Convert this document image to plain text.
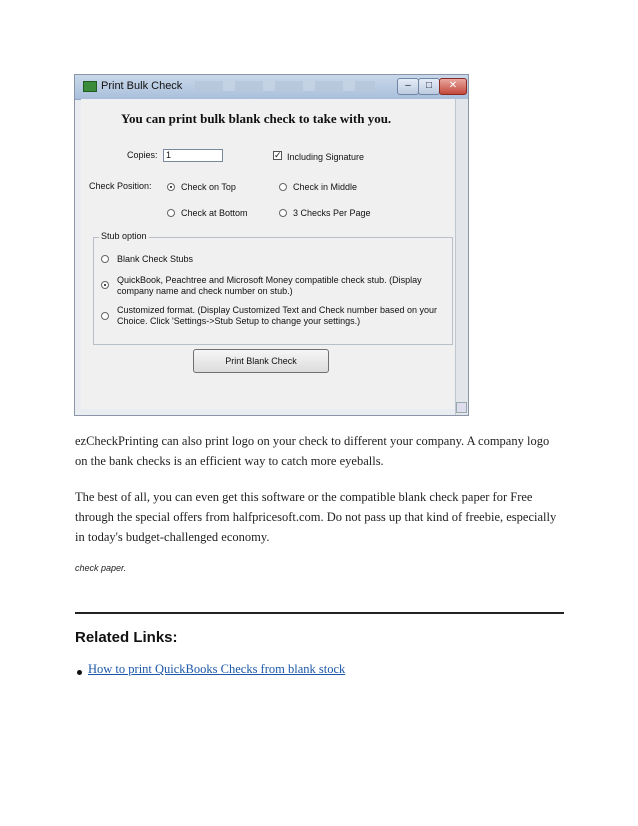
Print Bulk Check	–	□	✕
You can print bulk blank check to take with you.
Copies: 1	✓ Including Signature
Check Position:	Check on Top	Check in Middle
Check at Bottom	3 Checks Per Page
Stub option
Blank Check Stubs
QuickBook, Peachtree and Microsoft Money compatible check stub. (Display
company name and check number on stub.)
Customized format. (Display Customized Text and Check number based on your
Choice. Click 'Settings->Stub Setup to change your settings.)
Print Blank Check

ezCheckPrinting can also print logo on your check to different your company. A company logo
on the bank checks is an efficient way to catch more eyeballs.

The best of all, you can even get this software or the compatible blank check paper for Free
through the special offers from halfpricesoft.com. Do not pass up that kind of freebie, especially
in today's budget-challenged economy.

check paper.
Related Links:
How to print QuickBooks Checks from blank stock
